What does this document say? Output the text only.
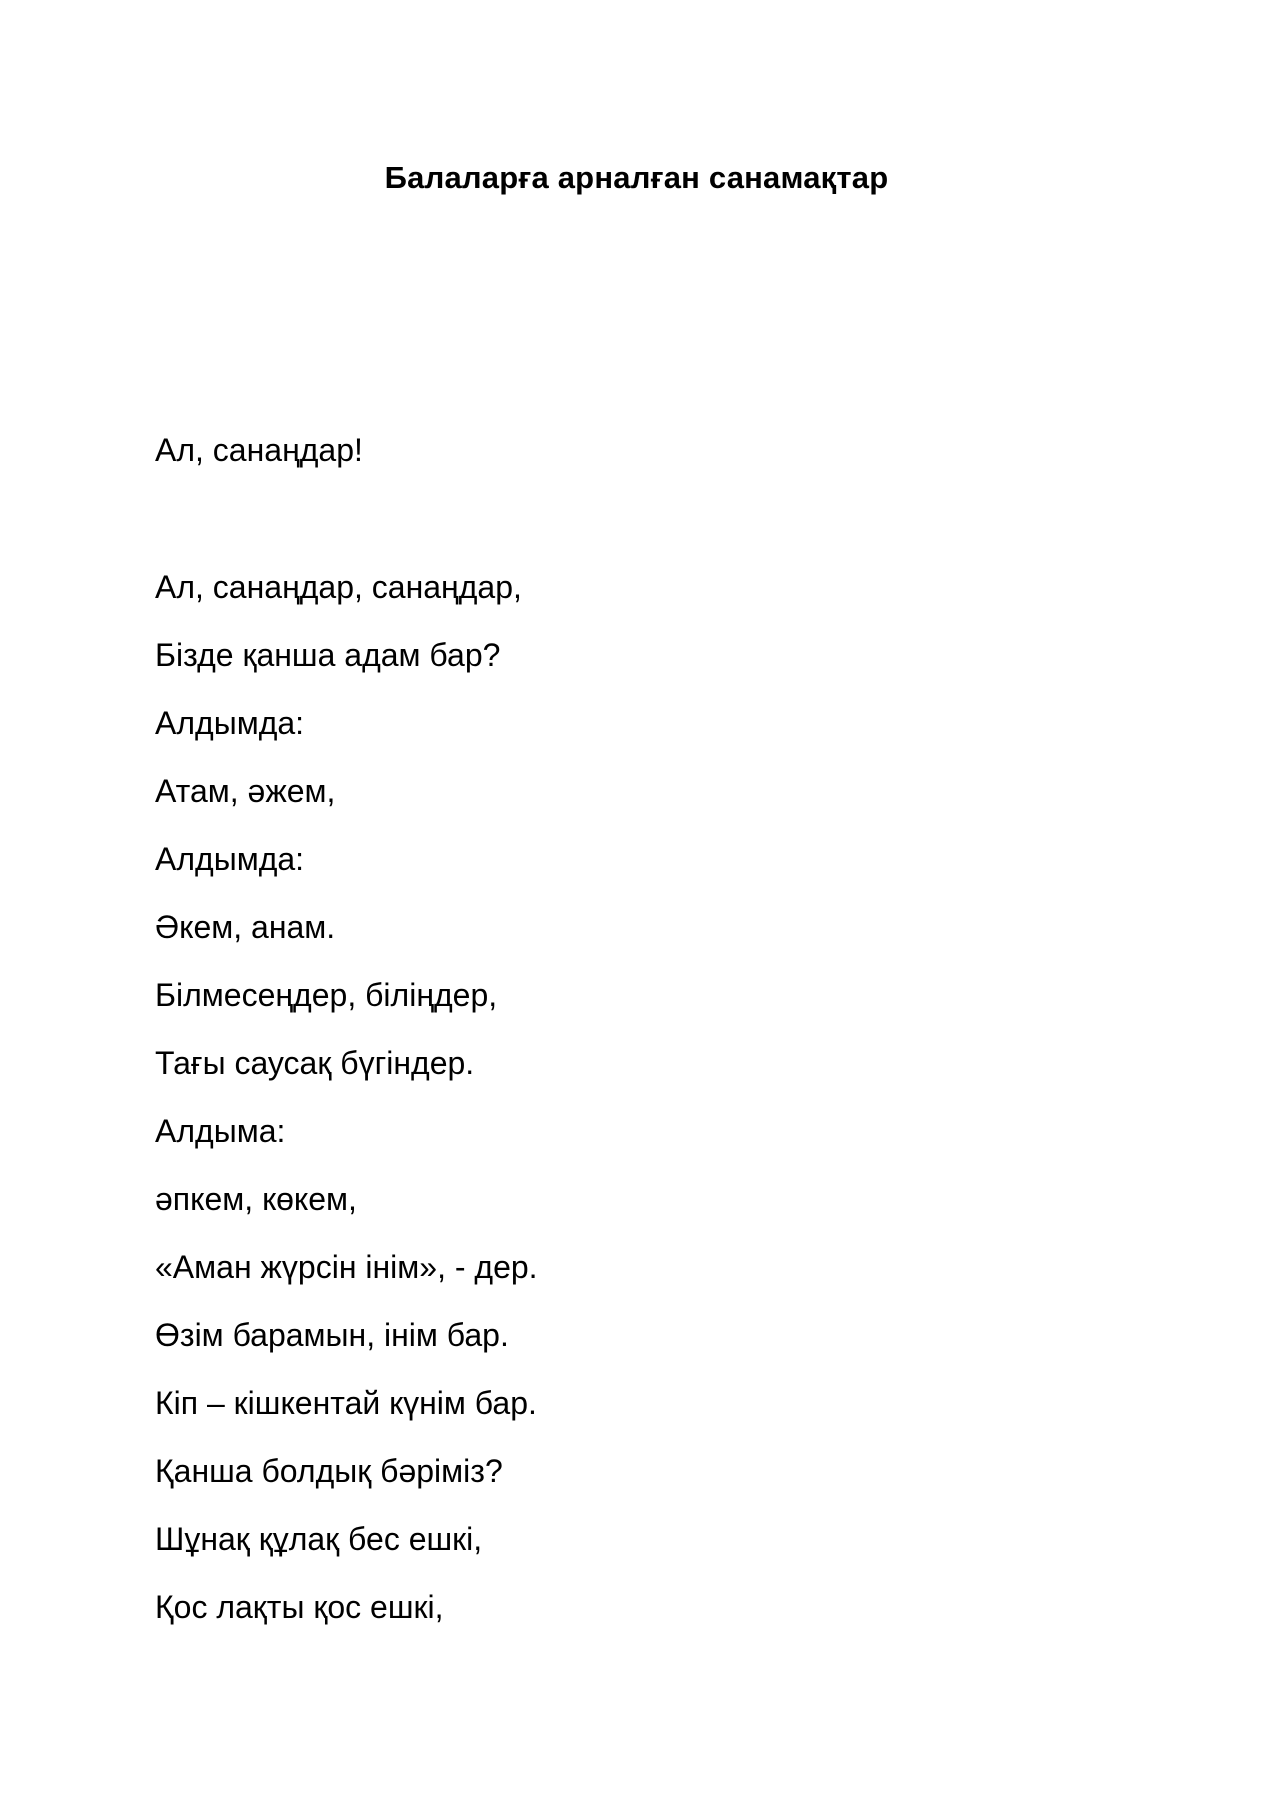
Балаларға арналған санамақтар
Ал, санаңдар!
Ал, санаңдар, санаңдар,
Бізде қанша адам бар?
Алдымда:
Атам, әжем,
Алдымда:
Әкем, анам.
Білмесеңдер, біліңдер,
Тағы саусақ бүгіндер.
Алдыма:
әпкем, көкем,
«Аман жүрсін інім», - дер.
Өзім барамын, інім бар.
Кіп – кішкентай күнім бар.
Қанша болдық бәріміз?
Шұнақ құлақ бес ешкі,
Қос лақты қос ешкі,
